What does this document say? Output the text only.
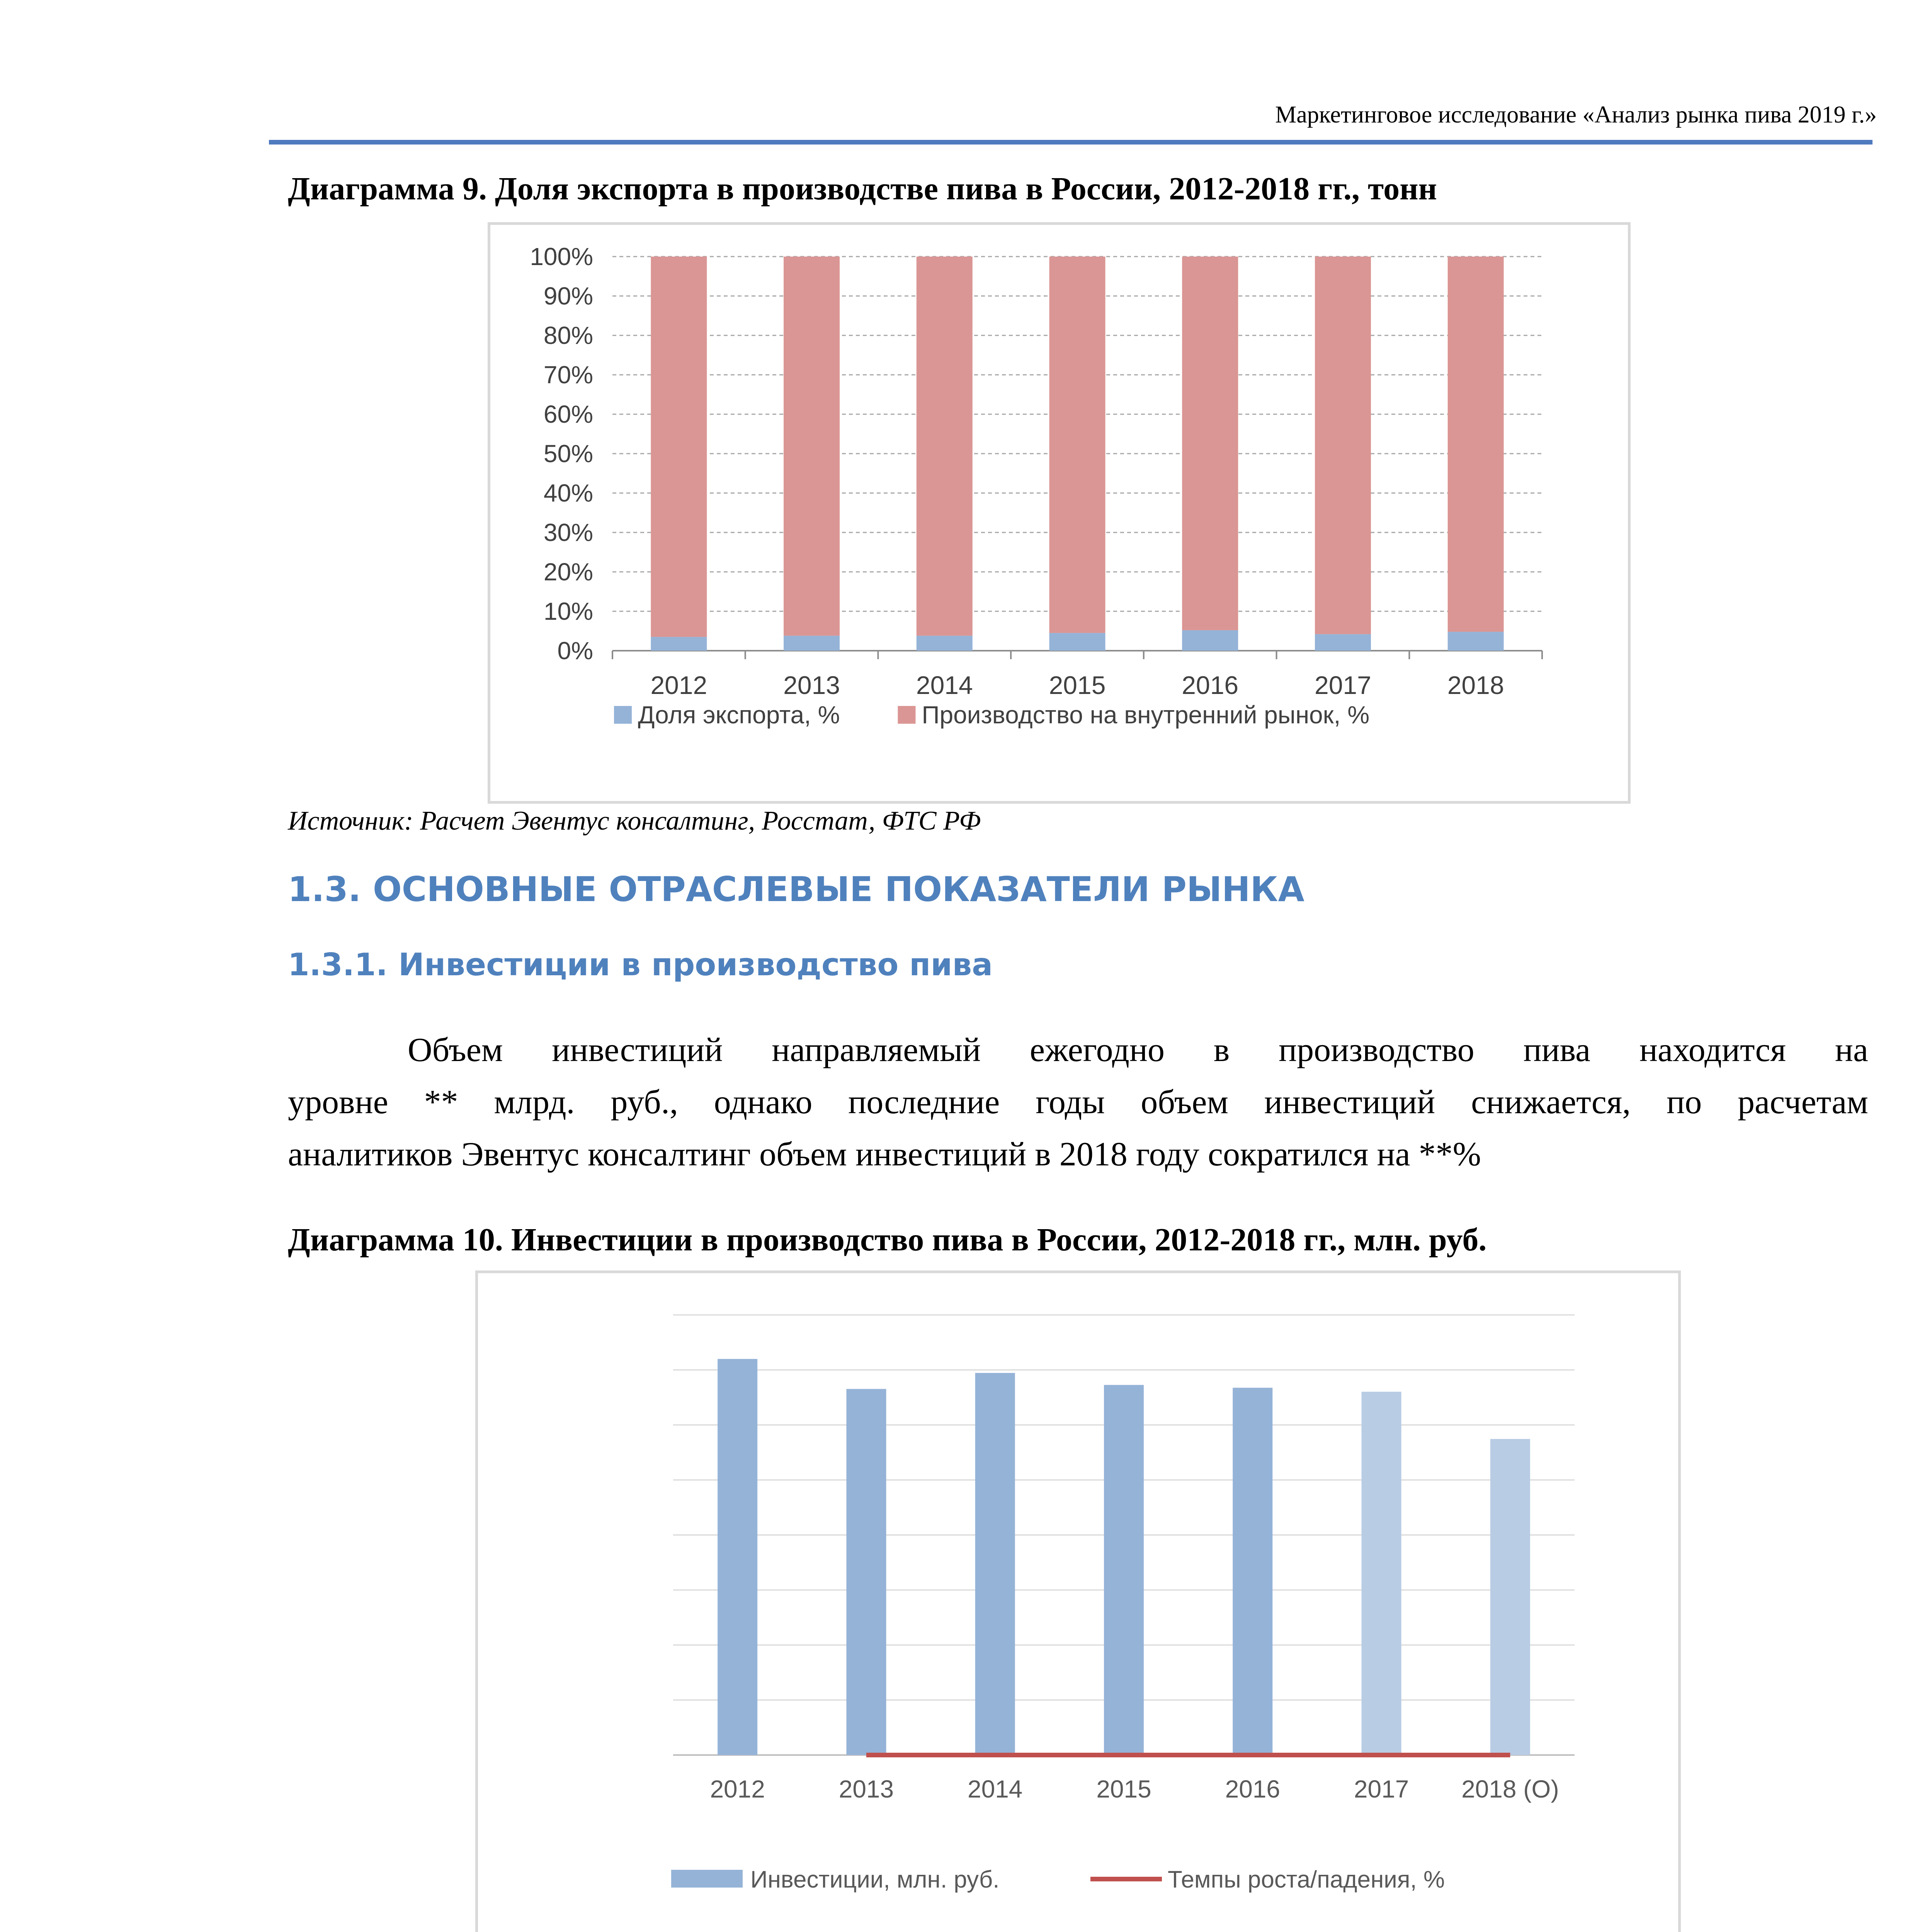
Маркетинговое исследование «Анализ рынка пива 2019 г.»
Диаграмма 9. Доля экспорта в производстве пива в России, 2012-2018 гг., тонн
0%
10%
20%
30%
40%
50%
60%
70%
80%
90%
100%
2012	2013	2014	2015	2016	2017	2018
Доля экспорта, %	Производство на внутренний рынок, %
Источник: Расчет Эвентус консалтинг, Росстат, ФТС РФ
1.3. ОСНОВНЫЕ ОТРАСЛЕВЫЕ ПОКАЗАТЕЛИ РЫНКА
1.3.1. Инвестиции в производство пива
Объем инвестиций направляемый ежегодно в производство пива находится на
уровне ** млрд. руб., однако последние годы объем инвестиций снижается, по расчетам
аналитиков Эвентус консалтинг объем инвестиций в 2018 году сократился на **%
Диаграмма 10. Инвестиции в производство пива в России, 2012-2018 гг., млн. руб.
2012	2013	2014	2015	2016	2017 2018 (O)
Инвестиции, млн. руб.	Темпы роста/падения, %
